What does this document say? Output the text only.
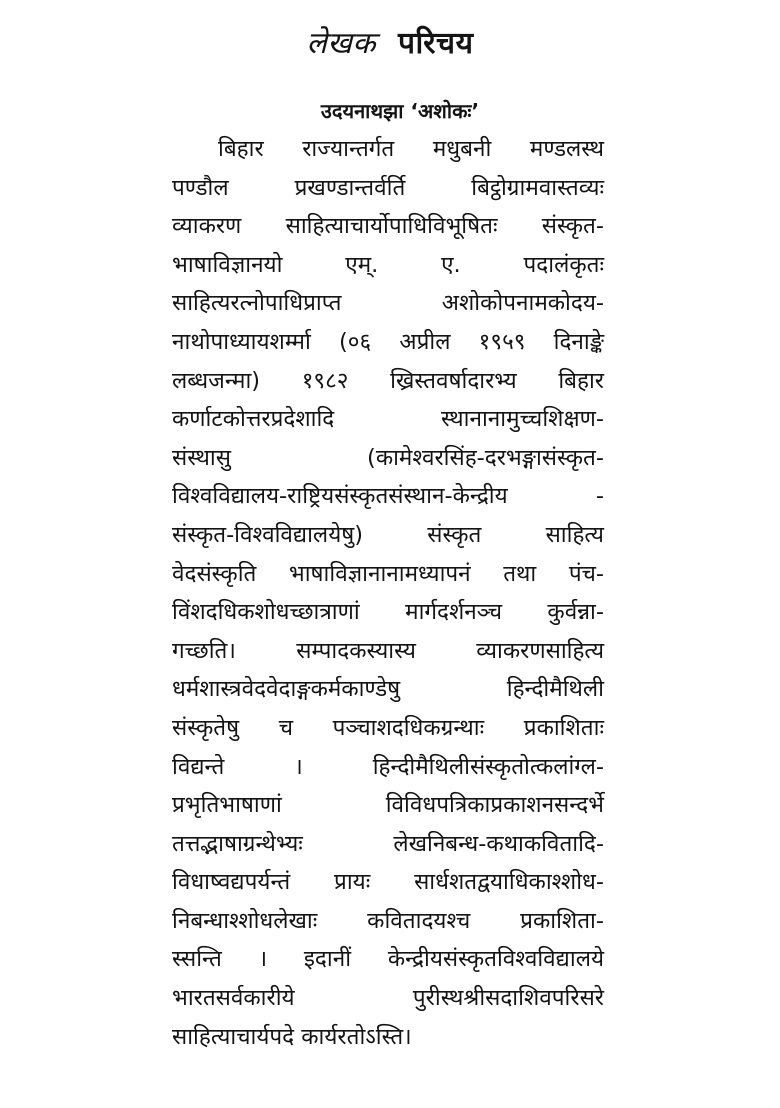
लेखक परिचय
उदयनाथझा ‘अशोकः’
बिहार राज्यान्तर्गत मधुबनी मण्डलस्थ
पण्डौल प्रखण्डान्तर्वर्ति बिट्ठोग्रामवास्तव्यः
व्याकरण साहित्याचार्योपाधिविभूषितः संस्कृत-
भाषाविज्ञानयो एम्. ए. पदालंकृतः
साहित्यरत्नोपाधिप्राप्त अशोकोपनामकोदय-
नाथोपाध्यायशर्म्मा (०६ अप्रील १९५९ दिनाङ्के
लब्धजन्मा) १९८२ ख्रिस्तवर्षादारभ्य बिहार
कर्णाटकोत्तरप्रदेशादि स्थानानामुच्चशिक्षण-
संस्थासु (कामेश्वरसिंह-दरभङ्गासंस्कृत-
विश्वविद्यालय-राष्ट्रियसंस्कृतसंस्थान-केन्द्रीय -
संस्कृत-विश्वविद्यालयेषु) संस्कृत साहित्य
वेदसंस्कृति भाषाविज्ञानानामध्यापनं तथा पंच-
विंशदधिकशोधच्छात्राणां मार्गदर्शनञ्च कुर्वन्ना-
गच्छति। सम्पादकस्यास्य व्याकरणसाहित्य
धर्मशास्त्रवेदवेदाङ्गकर्मकाण्डेषु हिन्दीमैथिली
संस्कृतेषु च पञ्चाशदधिकग्रन्थाः प्रकाशिताः
विद्यन्ते । हिन्दीमैथिलीसंस्कृतोत्कलांग्ल-
प्रभृतिभाषाणां विविधपत्रिकाप्रकाशनसन्दर्भे
तत्तद्भाषाग्रन्थेभ्यः लेखनिबन्ध-कथाकवितादि-
विधाष्वद्यपर्यन्तं प्रायः सार्धशतद्वयाधिकाश्शोध-
निबन्धाश्शोधलेखाः कवितादयश्च प्रकाशिता-
स्सन्ति । इदानीं केन्द्रीयसंस्कृतविश्वविद्यालये
भारतसर्वकारीये पुरीस्थश्रीसदाशिवपरिसरे
साहित्याचार्यपदे कार्यरतोऽस्ति।
